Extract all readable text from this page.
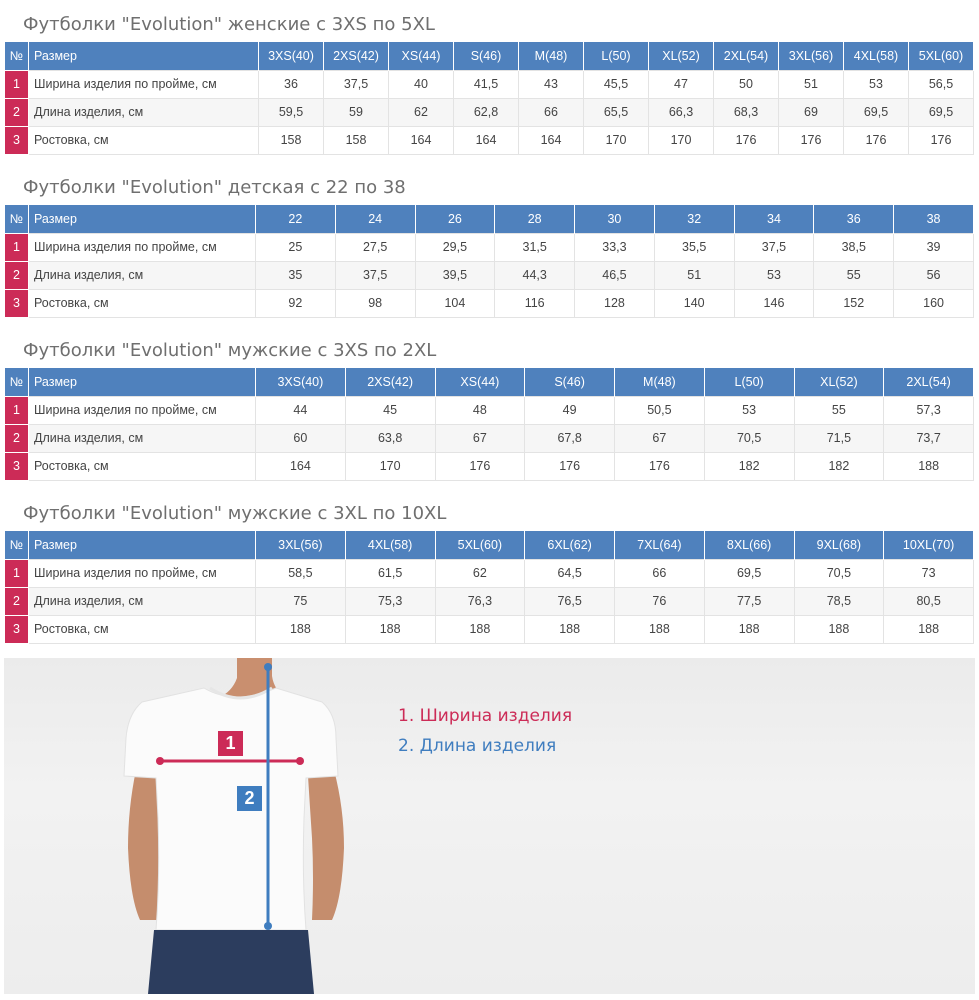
Футболки "Evolution" женские с 3XS по 5XL
№	Размер	3XS(40)	2XS(42)	XS(44)	S(46)	M(48)	L(50)	XL(52)	2XL(54)	3XL(56)	4XL(58)	5XL(60)
1	Ширина изделия по пройме, см	36	37,5	40	41,5	43	45,5	47	50	51	53	56,5
2	Длина изделия, см	59,5	59	62	62,8	66	65,5	66,3	68,3	69	69,5	69,5
3	Ростовка, см	158	158	164	164	164	170	170	176	176	176	176
Футболки "Evolution" детская с 22 по 38
№	Размер	22	24	26	28	30	32	34	36	38
1	Ширина изделия по пройме, см	25	27,5	29,5	31,5	33,3	35,5	37,5	38,5	39
2	Длина изделия, см	35	37,5	39,5	44,3	46,5	51	53	55	56
3	Ростовка, см	92	98	104	116	128	140	146	152	160
Футболки "Evolution" мужские с 3XS по 2XL
№	Размер	3XS(40)	2XS(42)	XS(44)	S(46)	M(48)	L(50)	XL(52)	2XL(54)
1	Ширина изделия по пройме, см	44	45	48	49	50,5	53	55	57,3
2	Длина изделия, см	60	63,8	67	67,8	67	70,5	71,5	73,7
3	Ростовка, см	164	170	176	176	176	182	182	188
Футболки "Evolution" мужские с 3XL по 10XL
№	Размер	3XL(56)	4XL(58)	5XL(60)	6XL(62)	7XL(64)	8XL(66)	9XL(68)	10XL(70)
1	Ширина изделия по пройме, см	58,5	61,5	62	64,5	66	69,5	70,5	73
2	Длина изделия, см	75	75,3	76,3	76,5	76	77,5	78,5	80,5
3	Ростовка, см	188	188	188	188	188	188	188	188
1
2
1. Ширина изделия
2. Длина изделия
